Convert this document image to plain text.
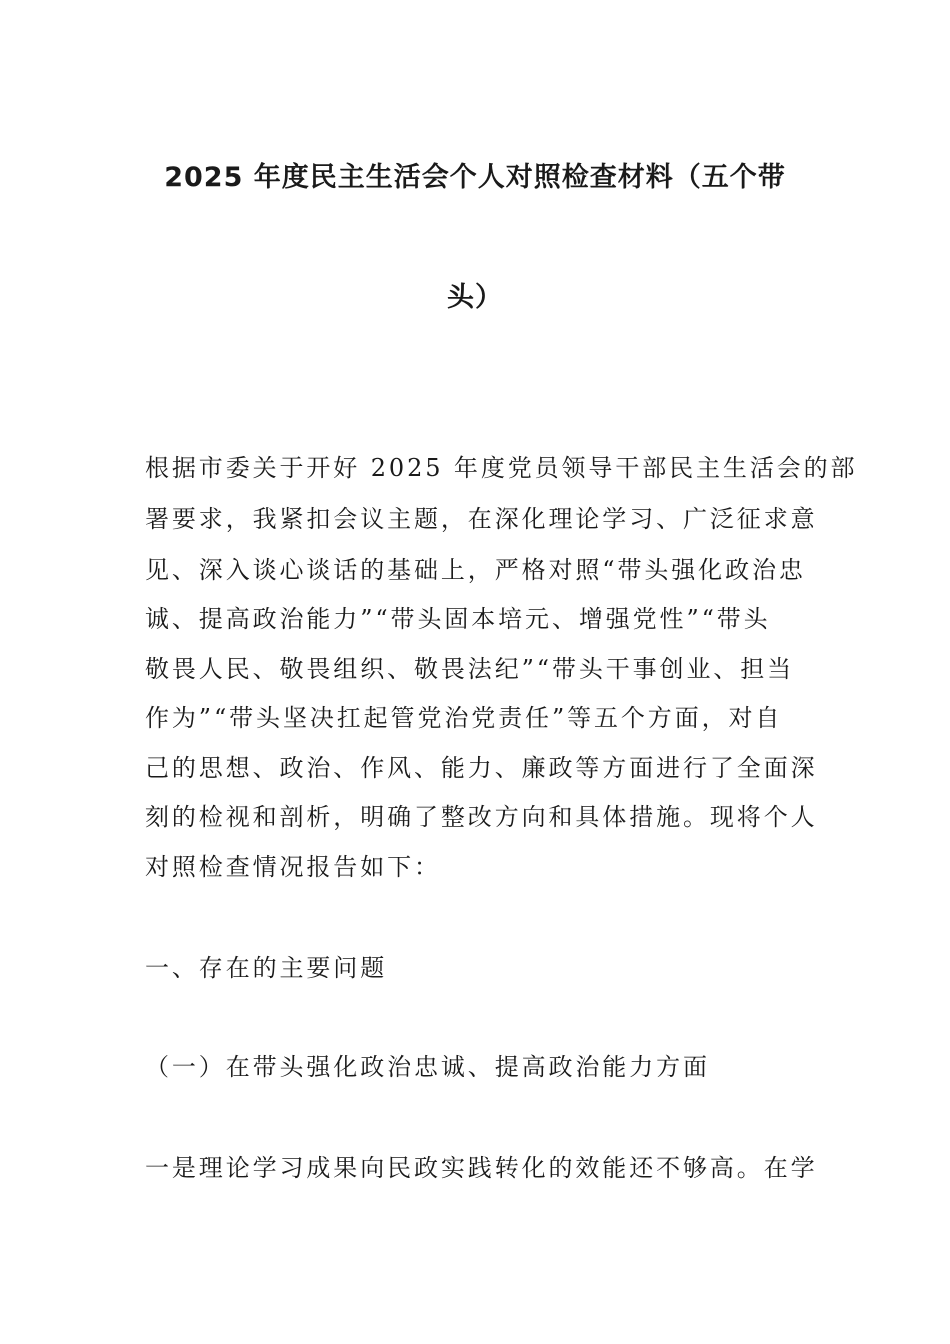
2025 年度民主生活会个人对照检查材料（五个带
头）
根据市委关于开好 2025 年度党员领导干部民主生活会的部
署要求，我紧扣会议主题，在深化理论学习、广泛征求意
见、深入谈心谈话的基础上，严格对照“带头强化政治忠
诚、提高政治能力”“带头固本培元、增强党性”“带头
敬畏人民、敬畏组织、敬畏法纪”“带头干事创业、担当
作为”“带头坚决扛起管党治党责任”等五个方面，对自
己的思想、政治、作风、能力、廉政等方面进行了全面深
刻的检视和剖析，明确了整改方向和具体措施。现将个人
对照检查情况报告如下：
一、存在的主要问题
（一）在带头强化政治忠诚、提高政治能力方面
一是理论学习成果向民政实践转化的效能还不够高。在学
